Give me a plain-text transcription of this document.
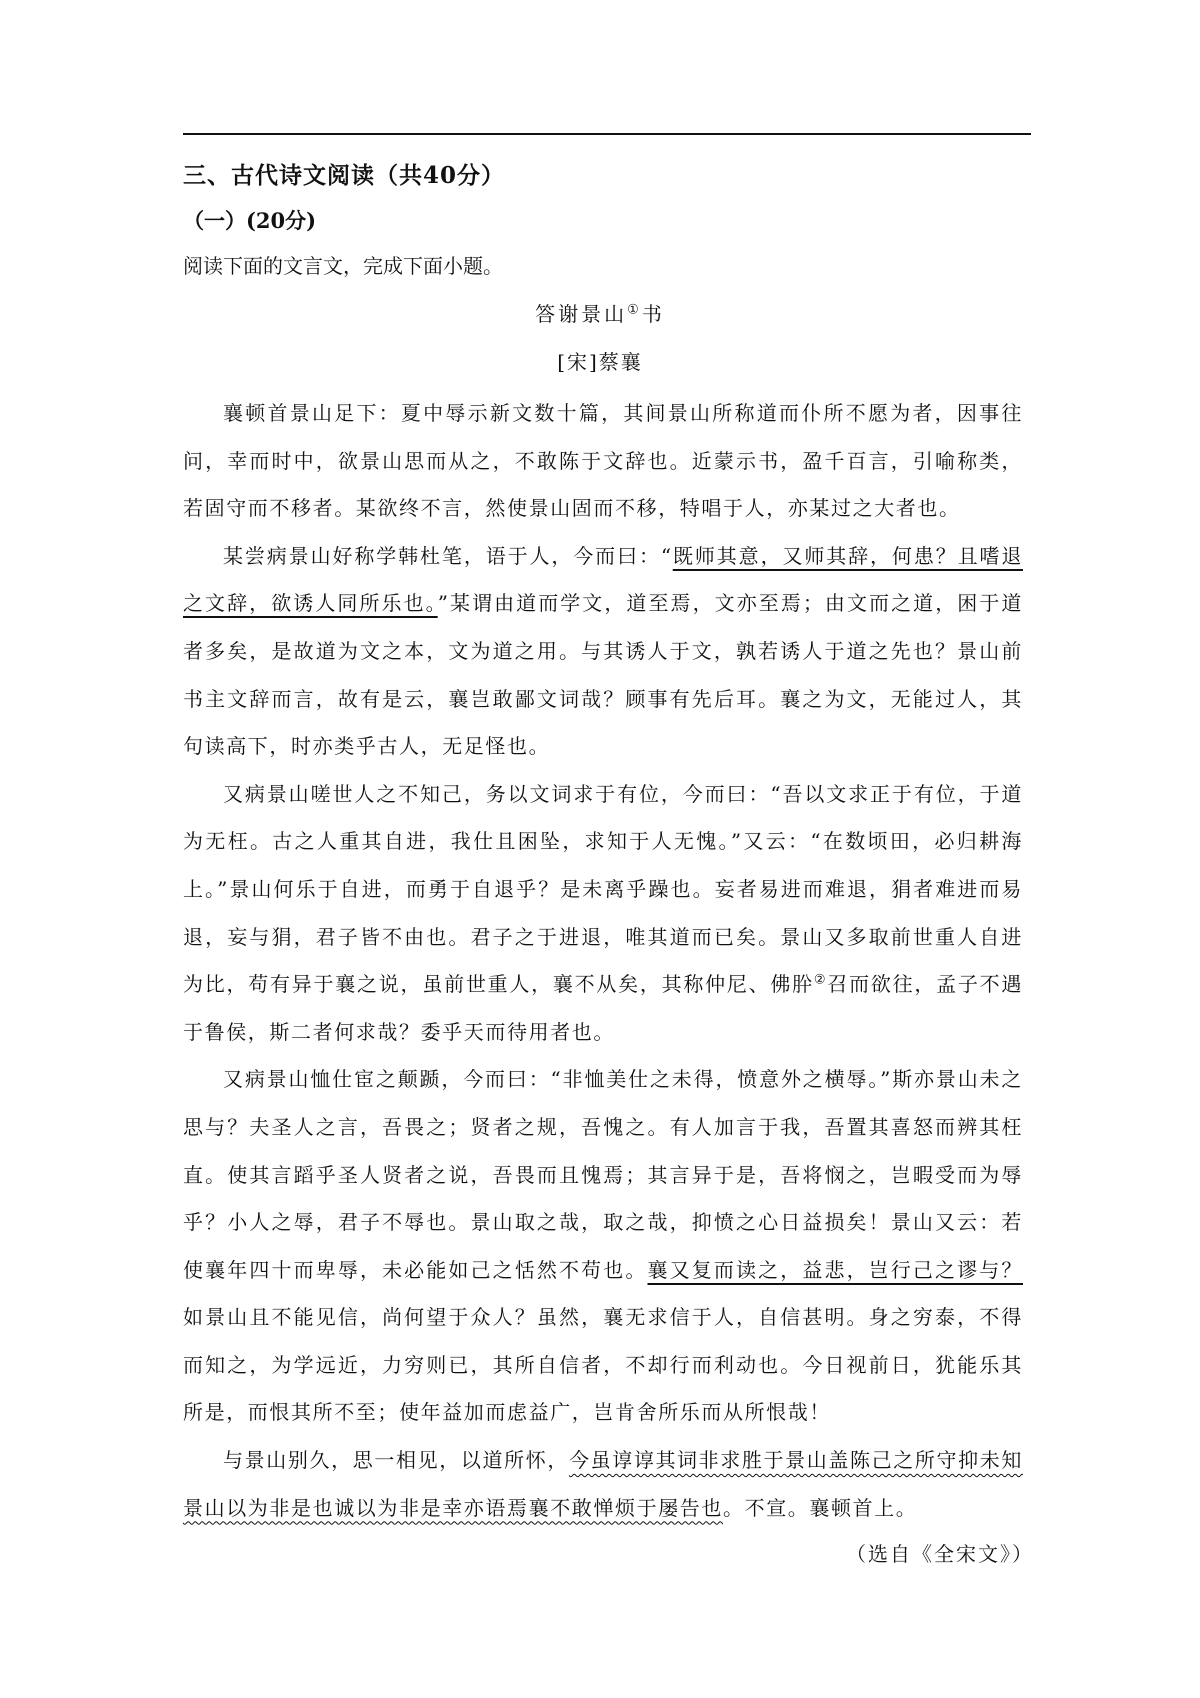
三、古代诗文阅读（共40分）
（一）(20分)
阅读下面的文言文，完成下面小题。
答谢景山①书
[宋]蔡襄

襄顿首景山足下：夏中辱示新文数十篇，其间景山所称道而仆所不愿为者，因事往问，幸而时中，欲景山思而从之，不敢陈于文辞也。近蒙示书，盈千百言，引喻称类，若固守而不移者。某欲终不言，然使景山固而不移，特唱于人，亦某过之大者也。

某尝病景山好称学韩杜笔，语于人，今而曰：“既师其意，又师其辞，何患？且嗜退之文辞，欲诱人同所乐也。”某谓由道而学文，道至焉，文亦至焉；由文而之道，困于道者多矣，是故道为文之本，文为道之用。与其诱人于文，孰若诱人于道之先也？景山前书主文辞而言，故有是云，襄岂敢鄙文词哉？顾事有先后耳。襄之为文，无能过人，其句读高下，时亦类乎古人，无足怪也。

又病景山嗟世人之不知己，务以文词求于有位，今而曰：“吾以文求正于有位，于道为无枉。古之人重其自进，我仕且困坠，求知于人无愧。”又云：“在数顷田，必归耕海上。”景山何乐于自进，而勇于自退乎？是未离乎躁也。妄者易进而难退，狷者难进而易退，妄与狷，君子皆不由也。君子之于进退，唯其道而已矣。景山又多取前世重人自进为比，苟有异于襄之说，虽前世重人，襄不从矣，其称仲尼、佛肸②召而欲往，孟子不遇于鲁侯，斯二者何求哉？委乎天而待用者也。

又病景山恤仕宦之颠踬，今而曰：“非恤美仕之未得，愤意外之横辱。”斯亦景山未之思与？夫圣人之言，吾畏之；贤者之规，吾愧之。有人加言于我，吾置其喜怒而辨其枉直。使其言蹈乎圣人贤者之说，吾畏而且愧焉；其言异于是，吾将悯之，岂暇受而为辱乎？小人之辱，君子不辱也。景山取之哉，取之哉，抑愤之心日益损矣！景山又云：若使襄年四十而卑辱，未必能如己之恬然不苟也。襄又复而读之，益悲，岂行己之谬与？如景山且不能见信，尚何望于众人？虽然，襄无求信于人，自信甚明。身之穷泰，不得而知之，为学远近，力穷则已，其所自信者，不却行而利动也。今日视前日，犹能乐其所是，而恨其所不至；使年益加而虑益广，岂肯舍所乐而从所恨哉！

与景山别久，思一相见，以道所怀，今虽谆谆其词非求胜于景山盖陈己之所守抑未知景山以为非是也诚以为非是幸亦语焉襄不敢惮烦于屡告也。不宣。襄顿首上。

（选自《全宋文》）
